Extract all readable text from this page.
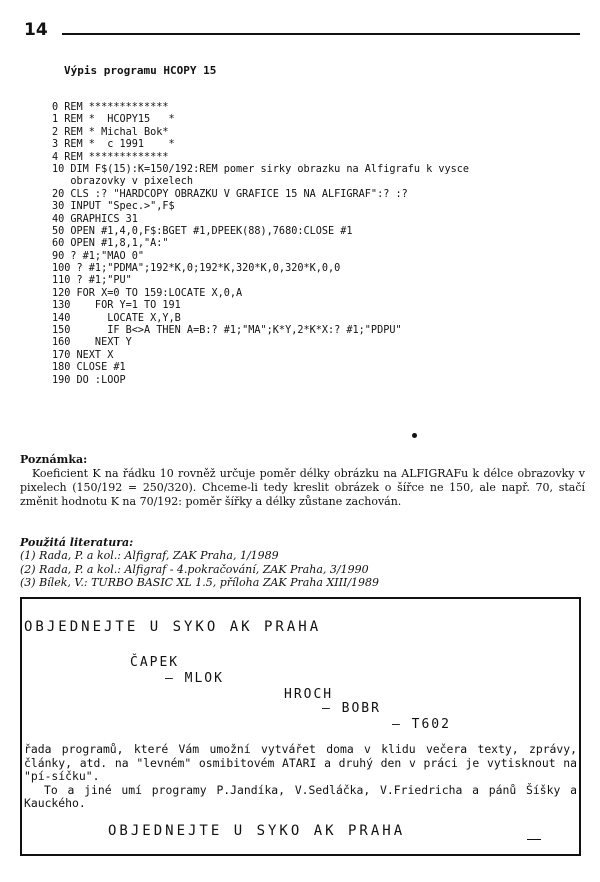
14
Výpis programu HCOPY 15
0 REM *************
1 REM *  HCOPY15   *
2 REM * Michal Bok*
3 REM *  c 1991    *
4 REM *************
10 DIM F$(15):K=150/192:REM pomer sirky obrazku na Alfigrafu k vysce
obrazovky v pixelech
20 CLS :? "HARDCOPY OBRAZKU V GRAFICE 15 NA ALFIGRAF":? :?
30 INPUT "Spec.>",F$
40 GRAPHICS 31
50 OPEN #1,4,0,F$:BGET #1,DPEEK(88),7680:CLOSE #1
60 OPEN #1,8,1,"A:"
90 ? #1;"MAO 0"
100 ? #1;"PDMA";192*K,0;192*K,320*K,0,320*K,0,0
110 ? #1;"PU"
120 FOR X=0 TO 159:LOCATE X,0,A
130    FOR Y=1 TO 191
140      LOCATE X,Y,B
150      IF B<>A THEN A=B:? #1;"MA";K*Y,2*K*X:? #1;"PDPU"
160    NEXT Y
170 NEXT X
180 CLOSE #1
190 DO :LOOP
Poznámka:
Koeficient K na řádku 10 rovněž určuje poměr délky obrázku na ALFIGRAFu k délce obrazovky v pixelech (150/192 = 250/320). Chceme-li tedy kreslit obrázek o šířce ne 150, ale např. 70, stačí změnit hodnotu K na 70/192: poměr šířky a délky zůstane zachován.
Použitá literatura:
(1) Rada, P. a kol.: Alfigraf, ZAK Praha, 1/1989
(2) Rada, P. a kol.: Alfigraf - 4.pokračování, ZAK Praha, 3/1990
(3) Bílek, V.: TURBO BASIC XL 1.5, příloha ZAK Praha XIII/1989
OBJEDNEJTE U SYKO AK PRAHA
ČAPEK
– MLOK
HROCH
– BOBR
– T602
řada programů, které Vám umožní vytvářet doma v klidu večera texty, zprávy, články, atd. na "levném" osmibitovém ATARI a druhý den v práci je vytisknout na "pí-síčku".
To a jiné umí programy P.Jandíka, V.Sedláčka, V.Friedricha a pánů Šíšky a Kauckého.
OBJEDNEJTE U SYKO AK PRAHA
